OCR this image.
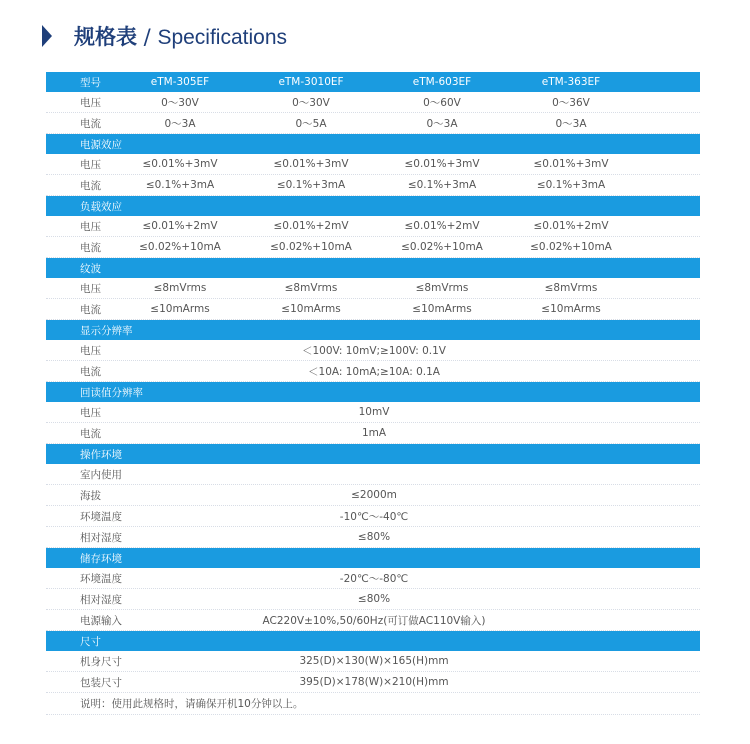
规格表 / Specifications
型号	eTM-305EF	eTM-3010EF	eTM-603EF	eTM-363EF
电压	0～30V	0～30V	0～60V	0～36V
电流	0～3A	0～5A	0～3A	0～3A
电源效应
电压	≤0.01%+3mV	≤0.01%+3mV	≤0.01%+3mV	≤0.01%+3mV
电流	≤0.1%+3mA	≤0.1%+3mA	≤0.1%+3mA	≤0.1%+3mA
负载效应
电压	≤0.01%+2mV	≤0.01%+2mV	≤0.01%+2mV	≤0.01%+2mV
电流	≤0.02%+10mA	≤0.02%+10mA	≤0.02%+10mA	≤0.02%+10mA
纹波
电压	≤8mVrms	≤8mVrms	≤8mVrms	≤8mVrms
电流	≤10mArms	≤10mArms	≤10mArms	≤10mArms
显示分辨率
电压	＜100V: 10mV;≥100V: 0.1V
电流	＜10A: 10mA;≥10A: 0.1A
回读值分辨率
电压	10mV
电流	1mA
操作环境
室内使用
海拔	≤2000m
环境温度	-10℃～-40℃
相对湿度	≤80%
储存环境
环境温度	-20℃～-80℃
相对湿度	≤80%
电源输入	AC220V±10%,50/60Hz(可订做AC110V输入)
尺寸
机身尺寸	325(D)×130(W)×165(H)mm
包装尺寸	395(D)×178(W)×210(H)mm
说明：使用此规格时，请确保开机10分钟以上。
